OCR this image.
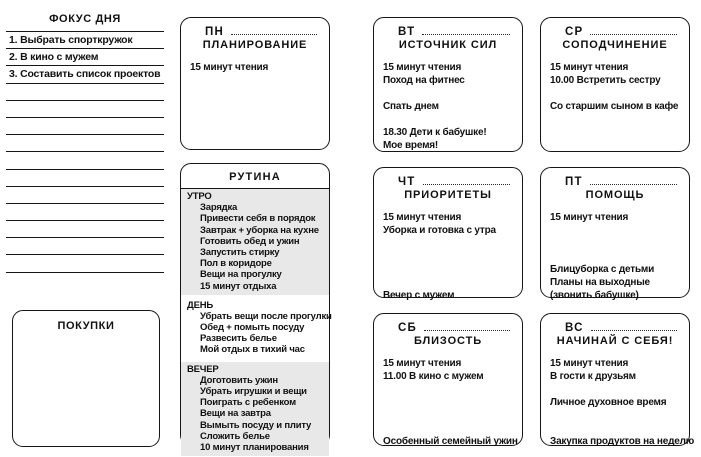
ФОКУС ДНЯ
1. Выбрать спорткружок
2. В кино с мужем
3. Составить список проектов

ПОКУПКИ
ПН
ПЛАНИРОВАНИЕ
15 минут чтения
РУТИНА
УТРО
Зарядка
Привести себя в порядок
Завтрак + уборка на кухне
Готовить обед и ужин
Запустить стирку
Пол в коридоре
Вещи на прогулку
15 минут отдыха
ДЕНЬ
Убрать вещи после прогулки
Обед + помыть посуду
Развесить белье
Мой отдых в тихий час
ВЕЧЕР
Доготовить ужин
Убрать игрушки и вещи
Поиграть с ребенком
Вещи на завтра
Вымыть посуду и плиту
Сложить белье
10 минут планирования
ВТ
ИСТОЧНИК СИЛ
15 минут чтения
Поход на фитнес

Спать днем

18.30 Дети к бабушке!
Мое время!
СР
СОПОДЧИНЕНИЕ
15 минут чтения
10.00 Встретить сестру

Со старшим сыном в кафе
ЧТ
ПРИОРИТЕТЫ
15 минут чтения
Уборка и готовка с утра

Вечер с мужем
ПТ
ПОМОЩЬ
15 минут чтения

Блицуборка с детьми
Планы на выходные
(звонить бабушке)
СБ
БЛИЗОСТЬ
15 минут чтения
11.00 В кино с мужем

Особенный семейный ужин
ВС
НАЧИНАЙ С СЕБЯ!
15 минут чтения
В гости к друзьям

Личное духовное время

Закупка продуктов на неделю
